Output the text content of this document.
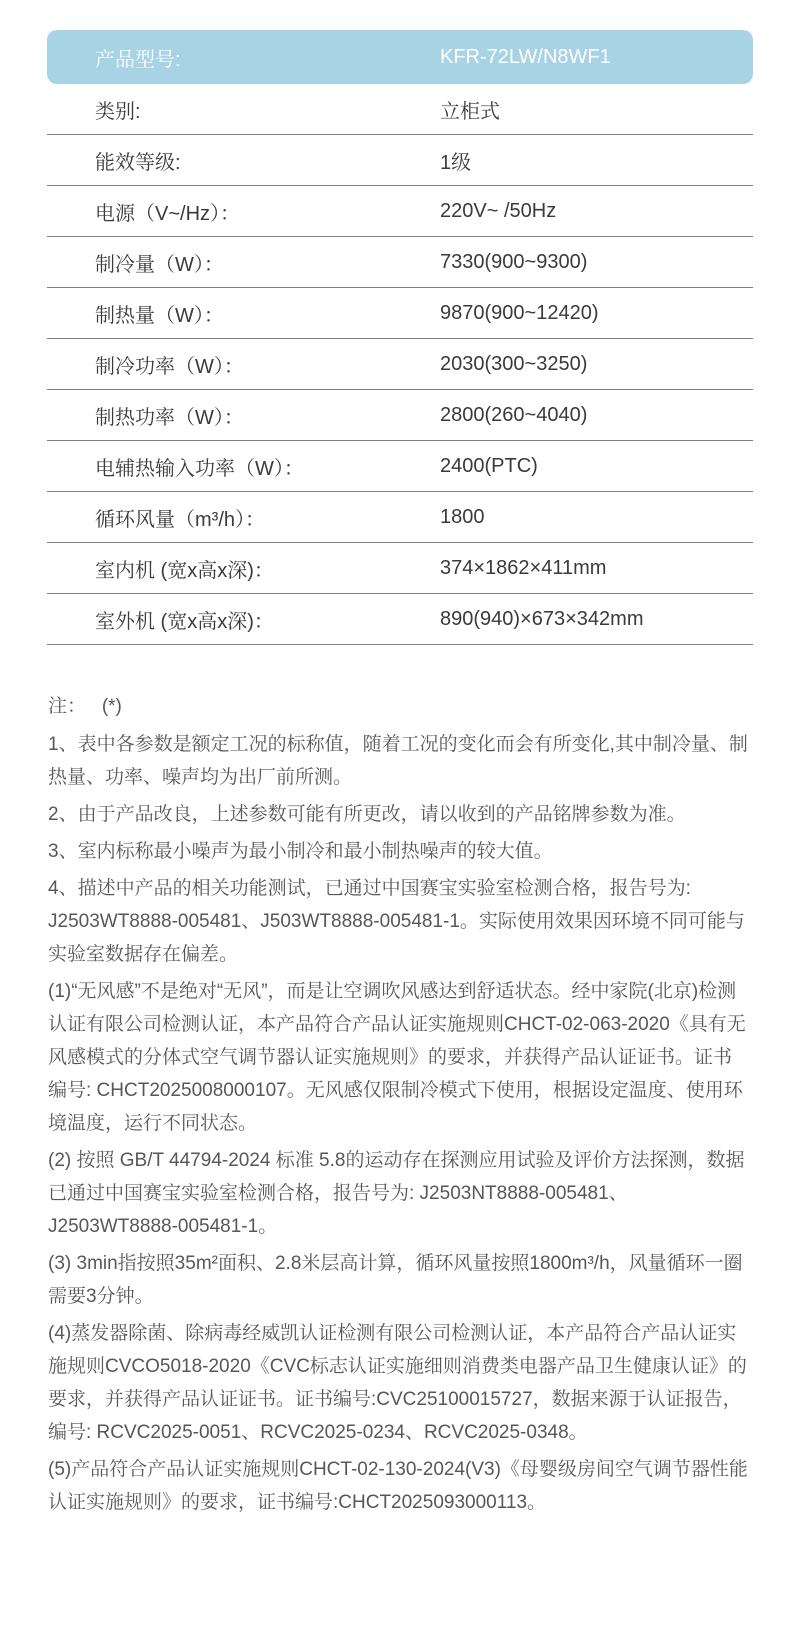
产品型号:	KFR-72LW/N8WF1
类别:	立柜式
能效等级:	1级
电源（V~/Hz）：	220V~ /50Hz
制冷量（W）：	7330(900~9300)
制热量（W）：	9870(900~12420)
制冷功率（W）：	2030(300~3250)
制热功率（W）：	2800(260~4040)
电辅热输入功率（W）：	2400(PTC)
循环风量（m³/h）：	1800
室内机 (宽x高x深)：	374×1862×411mm
室外机 (宽x高x深)：	890(940)×673×342mm

注：   (*)

1、表中各参数是额定工况的标称值，随着工况的变化而会有所变化,其中制冷量、制热量、功率、噪声均为出厂前所测。

2、由于产品改良，上述参数可能有所更改，请以收到的产品铭牌参数为准。

3、室内标称最小噪声为最小制冷和最小制热噪声的较大值。

4、描述中产品的相关功能测试，已通过中国赛宝实验室检测合格，报告号为: J2503WT8888-005481、J503WT8888-005481-1。实际使用效果因环境不同可能与实验室数据存在偏差。

(1)“无风感”不是绝对“无风”，而是让空调吹风感达到舒适状态。经中家院(北京)检测认证有限公司检测认证，本产品符合产品认证实施规则CHCT-02-063-2020《具有无风感模式的分体式空气调节器认证实施规则》的要求，并获得产品认证证书。证书编号: CHCT2025008000107。无风感仅限制冷模式下使用，根据设定温度、使用环境温度，运行不同状态。

(2) 按照 GB/T 44794-2024 标准 5.8的运动存在探测应用试验及评价方法探测，数据已通过中国赛宝实验室检测合格，报告号为: J2503NT8888-005481、J2503WT8888-005481-1。

(3) 3min指按照35m²面积、2.8米层高计算，循环风量按照1800m³/h，风量循环一圈需要3分钟。

(4)蒸发器除菌、除病毒经威凯认证检测有限公司检测认证，本产品符合产品认证实施规则CVCO5018-2020《CVC标志认证实施细则消费类电器产品卫生健康认证》的要求，并获得产品认证证书。证书编号:CVC25100015727，数据来源于认证报告，编号: RCVC2025-0051、RCVC2025-0234、RCVC2025-0348。

(5)产品符合产品认证实施规则CHCT-02-130-2024(V3)《母婴级房间空气调节器性能认证实施规则》的要求，证书编号:CHCT2025093000113。
